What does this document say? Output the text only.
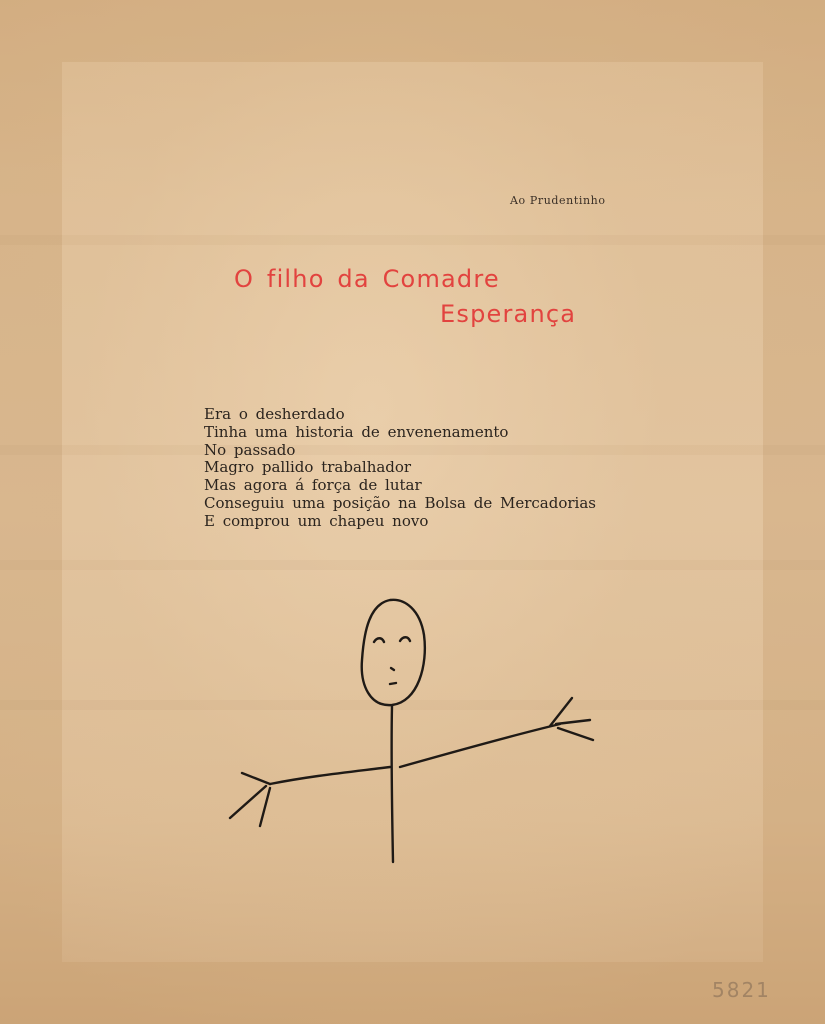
Ao Prudentinho
O filho da Comadre
Esperança
Era o desherdado
Tinha uma historia de envenenamento
No passado
Magro pallido trabalhador
Mas agora á força de lutar
Conseguiu uma posição na Bolsa de Mercadorias
E comprou um chapeu novo
5821
